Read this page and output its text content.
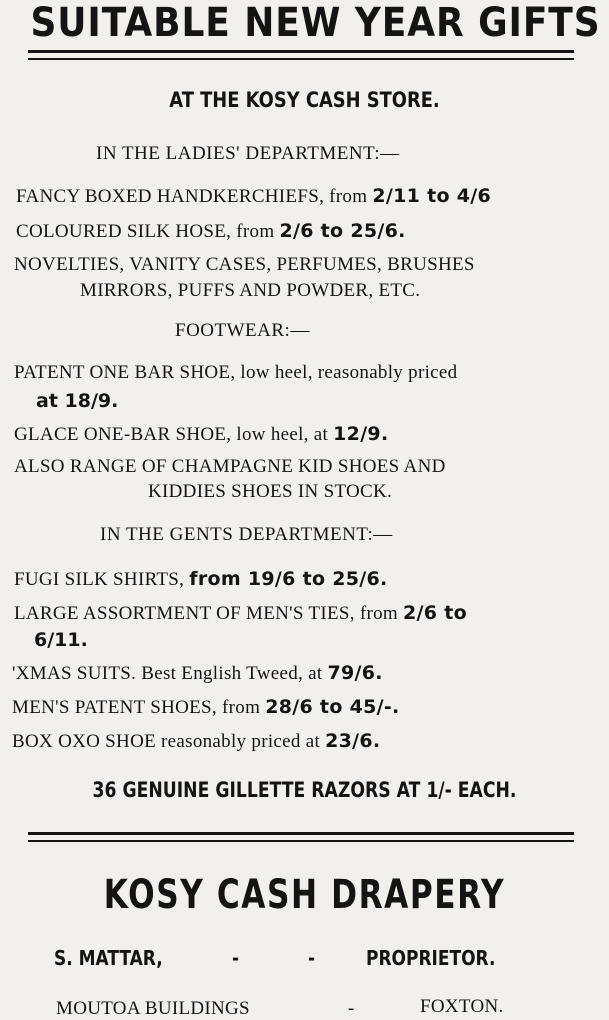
SUITABLE NEW YEAR GIFTS
AT THE KOSY CASH STORE.
IN THE LADIES' DEPARTMENT:—
FANCY BOXED HANDKERCHIEFS, from 2/11 to 4/6
COLOURED SILK HOSE, from 2/6 to 25/6.
NOVELTIES, VANITY CASES, PERFUMES, BRUSHES
MIRRORS, PUFFS AND POWDER, ETC.
FOOTWEAR:—
PATENT ONE BAR SHOE, low heel, reasonably priced
at 18/9.
GLACE ONE-BAR SHOE, low heel, at 12/9.
ALSO RANGE OF CHAMPAGNE KID SHOES AND
KIDDIES SHOES IN STOCK.
IN THE GENTS DEPARTMENT:—
FUGI SILK SHIRTS, from 19/6 to 25/6.
LARGE ASSORTMENT OF MEN'S TIES, from 2/6 to
6/11.
'XMAS SUITS. Best English Tweed, at 79/6.
MEN'S PATENT SHOES, from 28/6 to 45/-.
BOX OXO SHOE reasonably priced at 23/6.
36 GENUINE GILLETTE RAZORS AT 1/- EACH.
KOSY CASH DRAPERY
S. MATTAR,	-	-	PROPRIETOR.
MOUTOA BUILDINGS	-	FOXTON.
